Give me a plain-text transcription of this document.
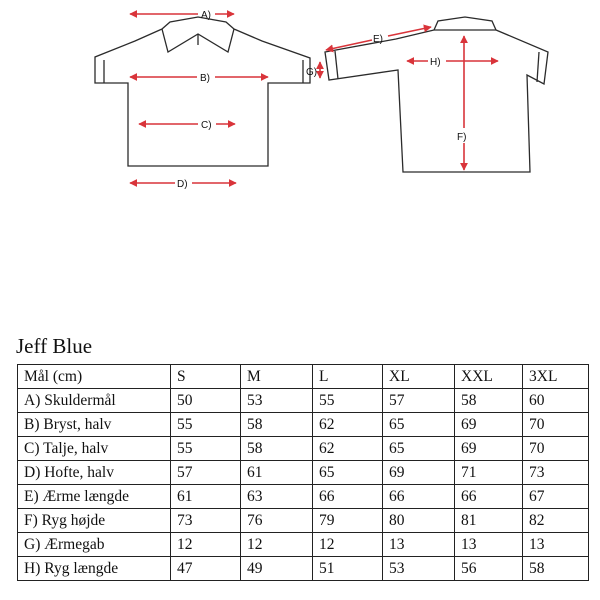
A)
B)
C)
D)
E)
G)
H)
F)
Jeff Blue
Mål (cm)	S	M	L	XL	XXL	3XL
A) Skuldermål	50	53	55	57	58	60
B) Bryst, halv	55	58	62	65	69	70
C) Talje, halv	55	58	62	65	69	70
D) Hofte, halv	57	61	65	69	71	73
E) Ærme længde	61	63	66	66	66	67
F) Ryg højde	73	76	79	80	81	82
G) Ærmegab	12	12	12	13	13	13
H) Ryg længde	47	49	51	53	56	58
